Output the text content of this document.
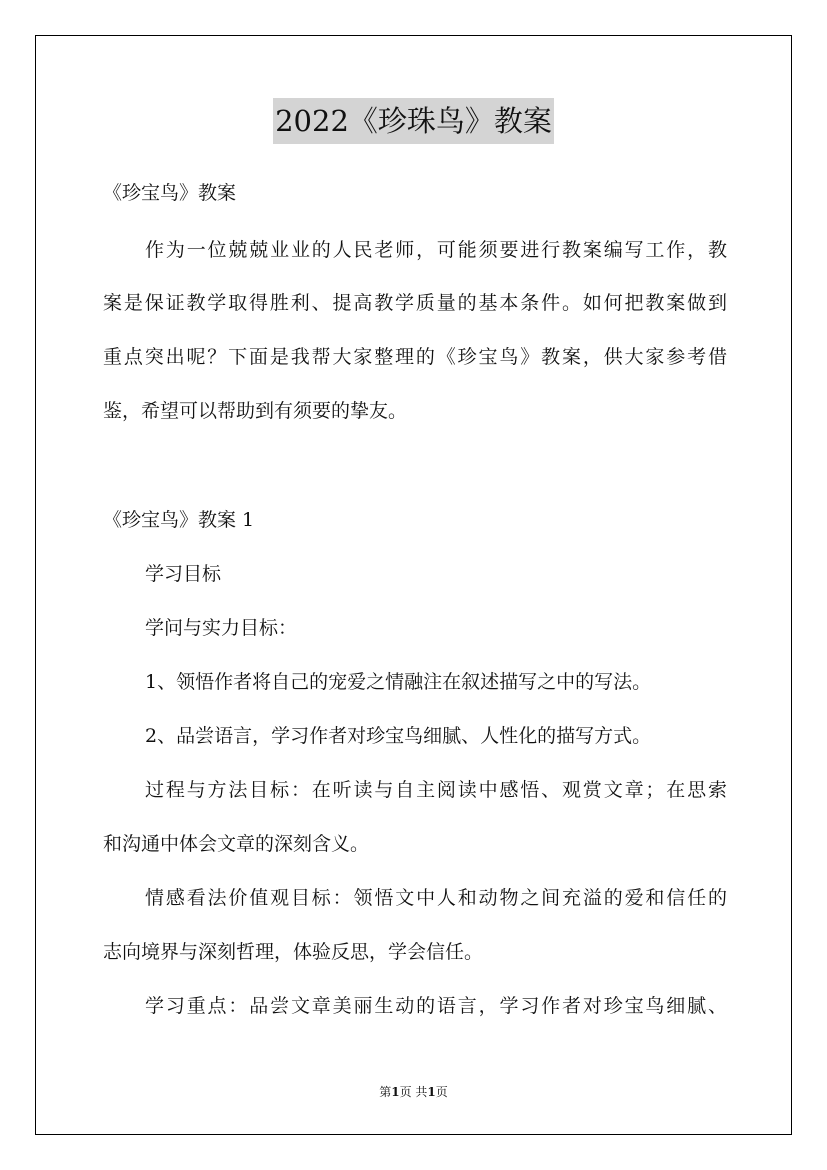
2022《珍珠鸟》教案
《珍宝鸟》教案
作为一位兢兢业业的人民老师，可能须要进行教案编写工作，教
案是保证教学取得胜利、提高教学质量的基本条件。如何把教案做到
重点突出呢？下面是我帮大家整理的《珍宝鸟》教案，供大家参考借
鉴，希望可以帮助到有须要的挚友。
《珍宝鸟》教案 1
学习目标
学问与实力目标：
1、领悟作者将自己的宠爱之情融注在叙述描写之中的写法。
2、品尝语言，学习作者对珍宝鸟细腻、人性化的描写方式。
过程与方法目标：在听读与自主阅读中感悟、观赏文章；在思索
和沟通中体会文章的深刻含义。
情感看法价值观目标：领悟文中人和动物之间充溢的爱和信任的
志向境界与深刻哲理，体验反思，学会信任。
学习重点：品尝文章美丽生动的语言，学习作者对珍宝鸟细腻、
第1页 共1页
